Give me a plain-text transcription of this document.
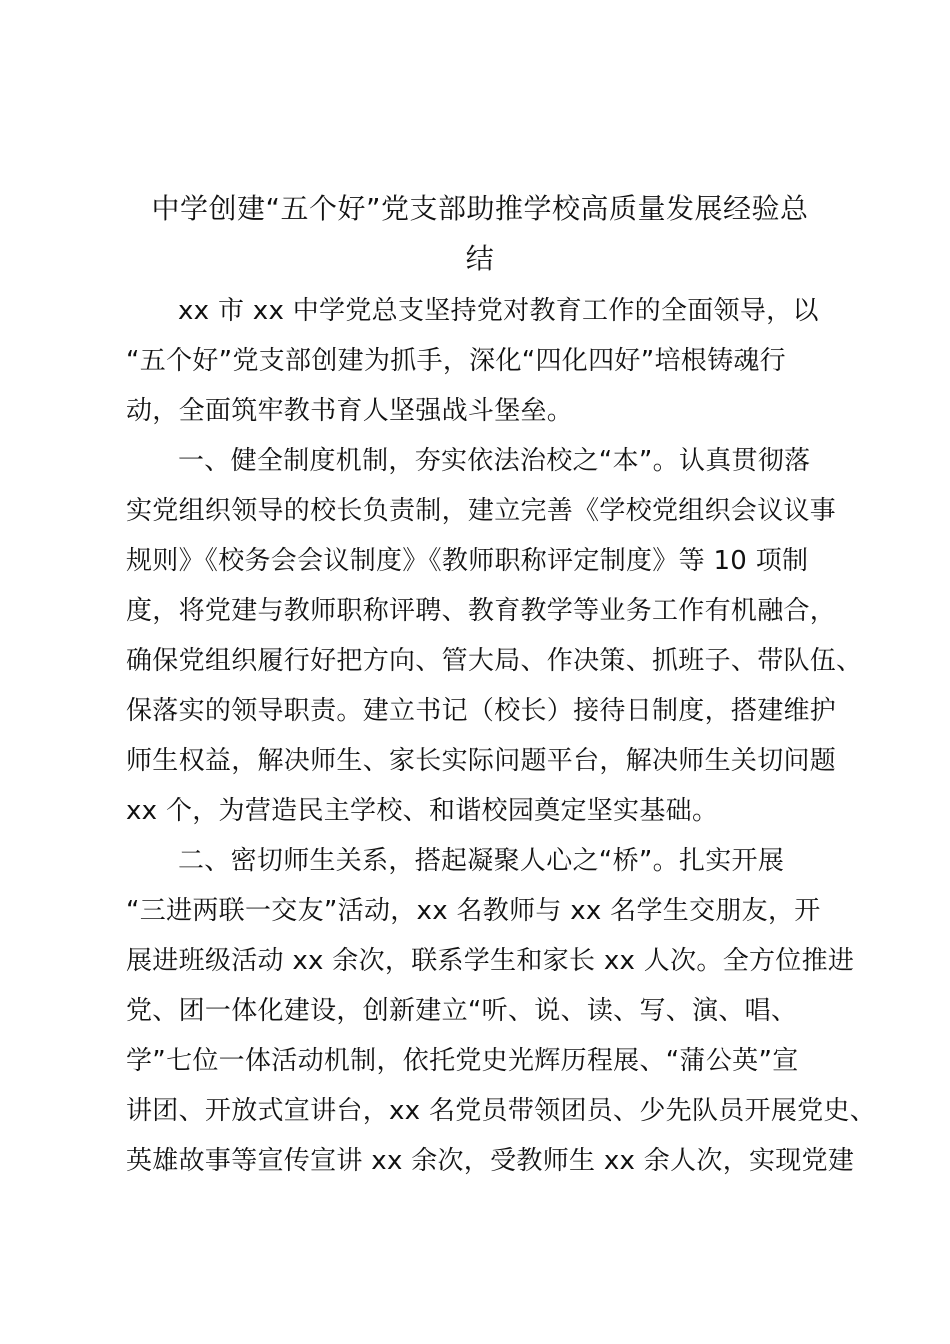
中学创建“五个好”党支部助推学校高质量发展经验总
结
xx 市 xx 中学党总支坚持党对教育工作的全面领导，以
“五个好”党支部创建为抓手，深化“四化四好”培根铸魂行
动，全面筑牢教书育人坚强战斗堡垒。
一、健全制度机制，夯实依法治校之“本”。认真贯彻落
实党组织领导的校长负责制，建立完善《学校党组织会议议事
规则》《校务会会议制度》《教师职称评定制度》等 10 项制
度，将党建与教师职称评聘、教育教学等业务工作有机融合，
确保党组织履行好把方向、管大局、作决策、抓班子、带队伍、
保落实的领导职责。建立书记（校长）接待日制度，搭建维护
师生权益，解决师生、家长实际问题平台，解决师生关切问题
xx 个，为营造民主学校、和谐校园奠定坚实基础。
二、密切师生关系，搭起凝聚人心之“桥”。扎实开展
“三进两联一交友”活动，xx 名教师与 xx 名学生交朋友，开
展进班级活动 xx 余次，联系学生和家长 xx 人次。全方位推进
党、团一体化建设，创新建立“听、说、读、写、演、唱、
学”七位一体活动机制，依托党史光辉历程展、“蒲公英”宣
讲团、开放式宣讲台，xx 名党员带领团员、少先队员开展党史、
英雄故事等宣传宣讲 xx 余次，受教师生 xx 余人次，实现党建
